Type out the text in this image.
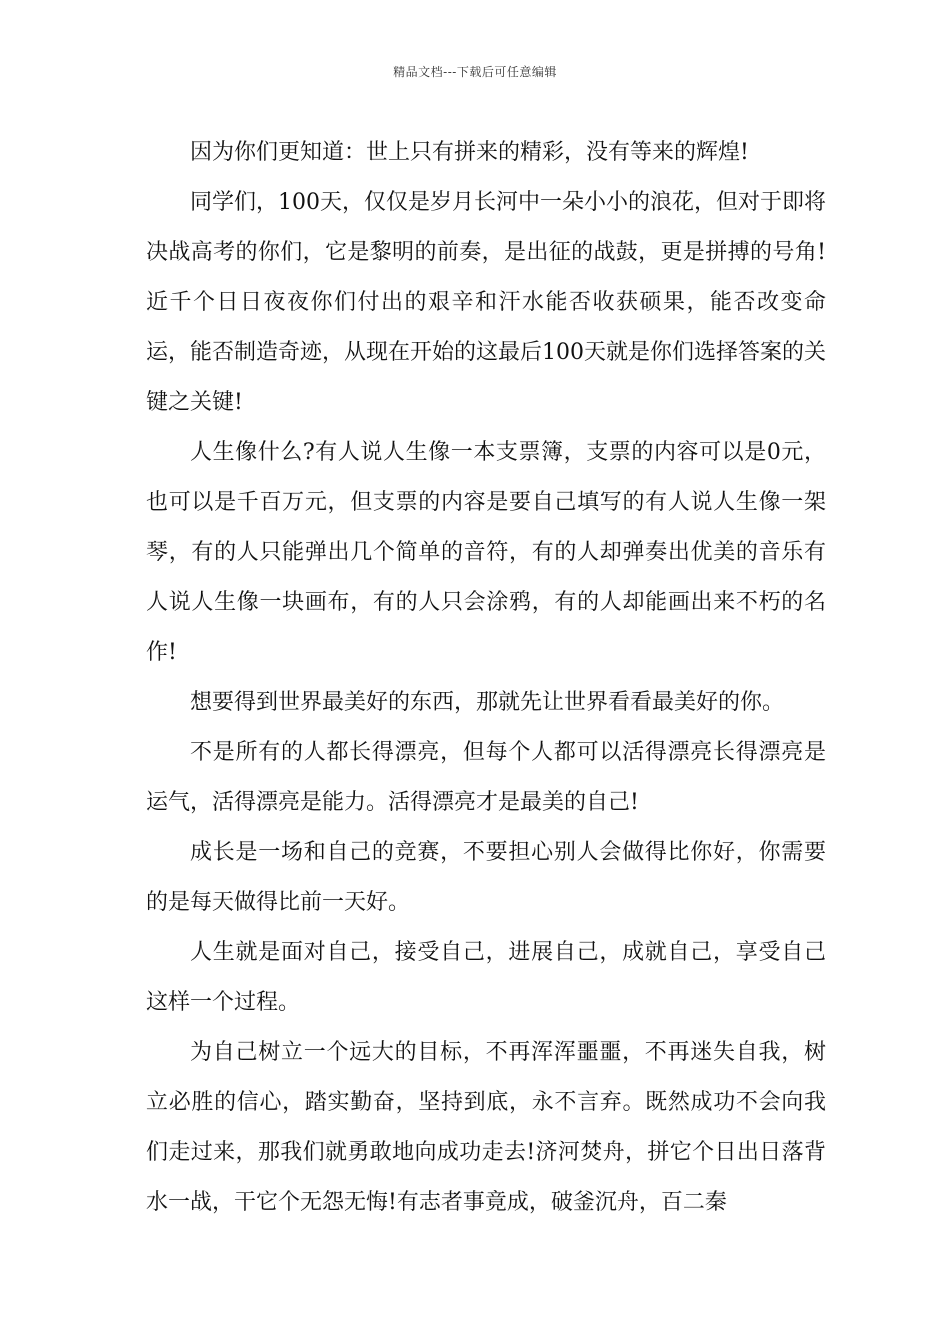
精品文档---下载后可任意编辑

因为你们更知道：世上只有拼来的精彩，没有等来的辉煌!

同学们，100天，仅仅是岁月长河中一朵小小的浪花，但对于即将决战高考的你们，它是黎明的前奏，是出征的战鼓，更是拼搏的号角!近千个日日夜夜你们付出的艰辛和汗水能否收获硕果，能否改变命运，能否制造奇迹，从现在开始的这最后100天就是你们选择答案的关键之关键!

人生像什么?有人说人生像一本支票簿，支票的内容可以是0元，也可以是千百万元，但支票的内容是要自己填写的有人说人生像一架琴，有的人只能弹出几个简单的音符，有的人却弹奏出优美的音乐有人说人生像一块画布，有的人只会涂鸦，有的人却能画出来不朽的名作!

想要得到世界最美好的东西，那就先让世界看看最美好的你。

不是所有的人都长得漂亮，但每个人都可以活得漂亮长得漂亮是运气，活得漂亮是能力。活得漂亮才是最美的自己!

成长是一场和自己的竞赛，不要担心别人会做得比你好，你需要的是每天做得比前一天好。

人生就是面对自己，接受自己，进展自己，成就自己，享受自己这样一个过程。

为自己树立一个远大的目标，不再浑浑噩噩，不再迷失自我，树立必胜的信心，踏实勤奋，坚持到底，永不言弃。既然成功不会向我们走过来，那我们就勇敢地向成功走去!济河焚舟，拼它个日出日落背水一战，干它个无怨无悔!有志者事竟成，破釜沉舟，百二秦
